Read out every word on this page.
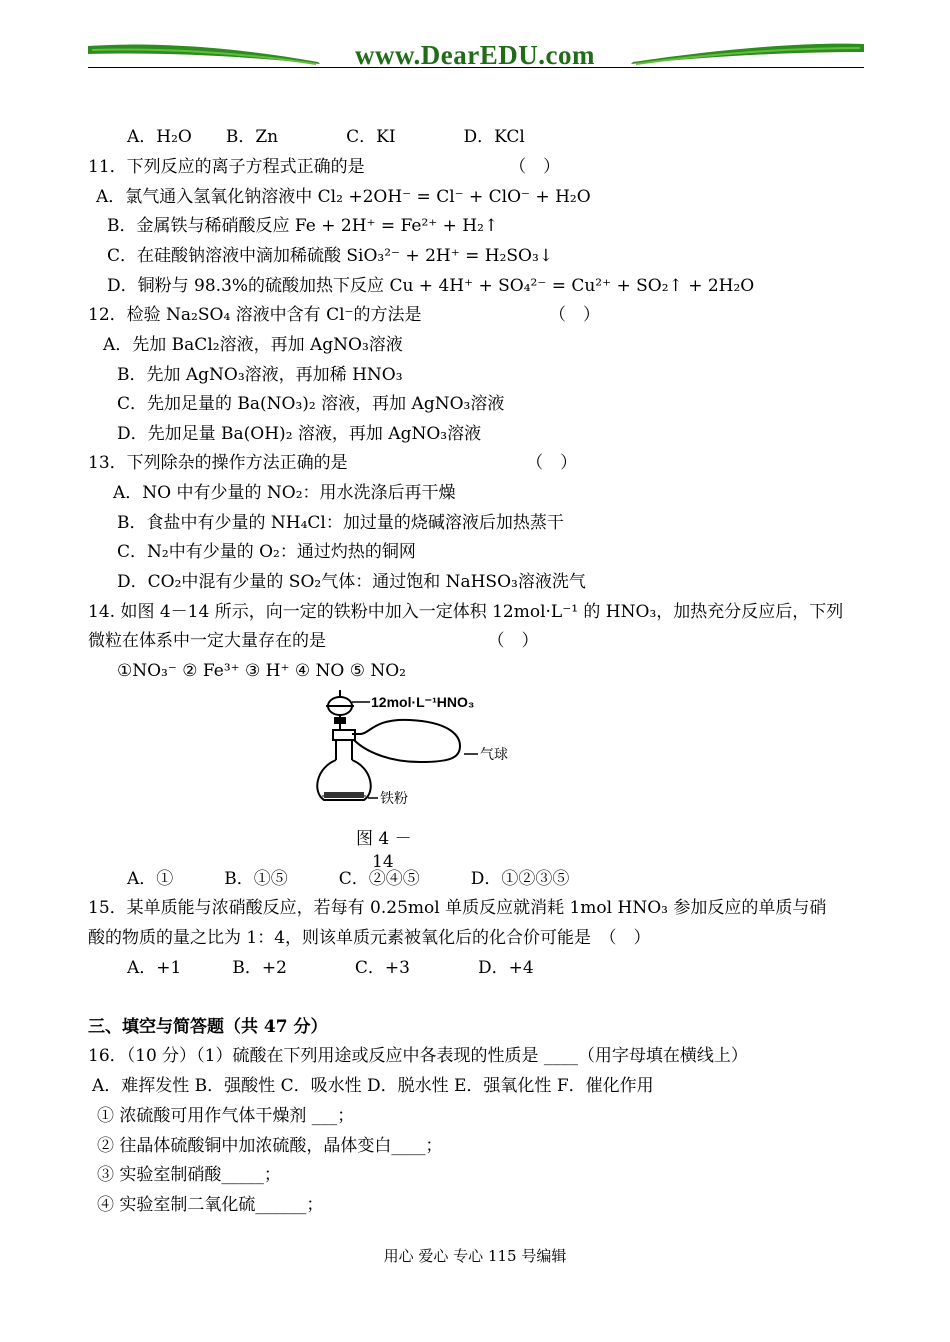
www.DearEDU.com
A．H₂O　　B．Zn　　　　C．KI　　　　D．KCl
11．下列反应的离子方程式正确的是　　　　　　　　　（　）
A．氯气通入氢氧化钠溶液中 Cl₂ +2OH⁻ = Cl⁻ + ClO⁻ + H₂O
B．金属铁与稀硝酸反应 Fe + 2H⁺ = Fe²⁺ + H₂↑
C．在硅酸钠溶液中滴加稀硫酸 SiO₃²⁻ + 2H⁺ = H₂SO₃↓
D．铜粉与 98.3%的硫酸加热下反应 Cu + 4H⁺ + SO₄²⁻ = Cu²⁺ + SO₂↑ + 2H₂O
12．检验 Na₂SO₄ 溶液中含有 Cl⁻的方法是　　　　　　　　（　）
A．先加 BaCl₂溶液，再加 AgNO₃溶液
B．先加 AgNO₃溶液，再加稀 HNO₃
C．先加足量的 Ba(NO₃)₂ 溶液，再加 AgNO₃溶液
D．先加足量 Ba(OH)₂ 溶液，再加 AgNO₃溶液
13．下列除杂的操作方法正确的是　　　　　　　　　　　（　）
A．NO 中有少量的 NO₂：用水洗涤后再干燥
B．食盐中有少量的 NH₄Cl：加过量的烧碱溶液后加热蒸干
C．N₂中有少量的 O₂：通过灼热的铜网
D．CO₂中混有少量的 SO₂气体：通过饱和 NaHSO₃溶液洗气
14. 如图 4－14 所示，向一定的铁粉中加入一定体积 12mol·L⁻¹ 的 HNO₃，加热充分反应后，下列
微粒在体系中一定大量存在的是　　　　　　　　　　（　）
①NO₃⁻ ② Fe³⁺ ③ H⁺ ④ NO ⑤ NO₂
12mol·L⁻¹HNO₃
气球
铁粉
图 4 －
14
A．①　　　B．①⑤　　　C．②④⑤　　　D．①②③⑤
15．某单质能与浓硝酸反应，若每有 0.25mol 单质反应就消耗 1mol HNO₃ 参加反应的单质与硝
酸的物质的量之比为 1：4，则该单质元素被氧化后的化合价可能是　（　）
A．+1　　　B．+2　　　　C．+3　　　　D．+4
三、填空与简答题（共 47 分）
16．（10 分）（1）硫酸在下列用途或反应中各表现的性质是 ____（用字母填在横线上）
A．难挥发性 B．强酸性 C．吸水性 D．脱水性 E．强氧化性 F．催化作用
① 浓硫酸可用作气体干燥剂 ___；
② 往晶体硫酸铜中加浓硫酸，晶体变白____；
③ 实验室制硝酸_____；
④ 实验室制二氧化硫______；
用心 爱心 专心 115 号编辑
